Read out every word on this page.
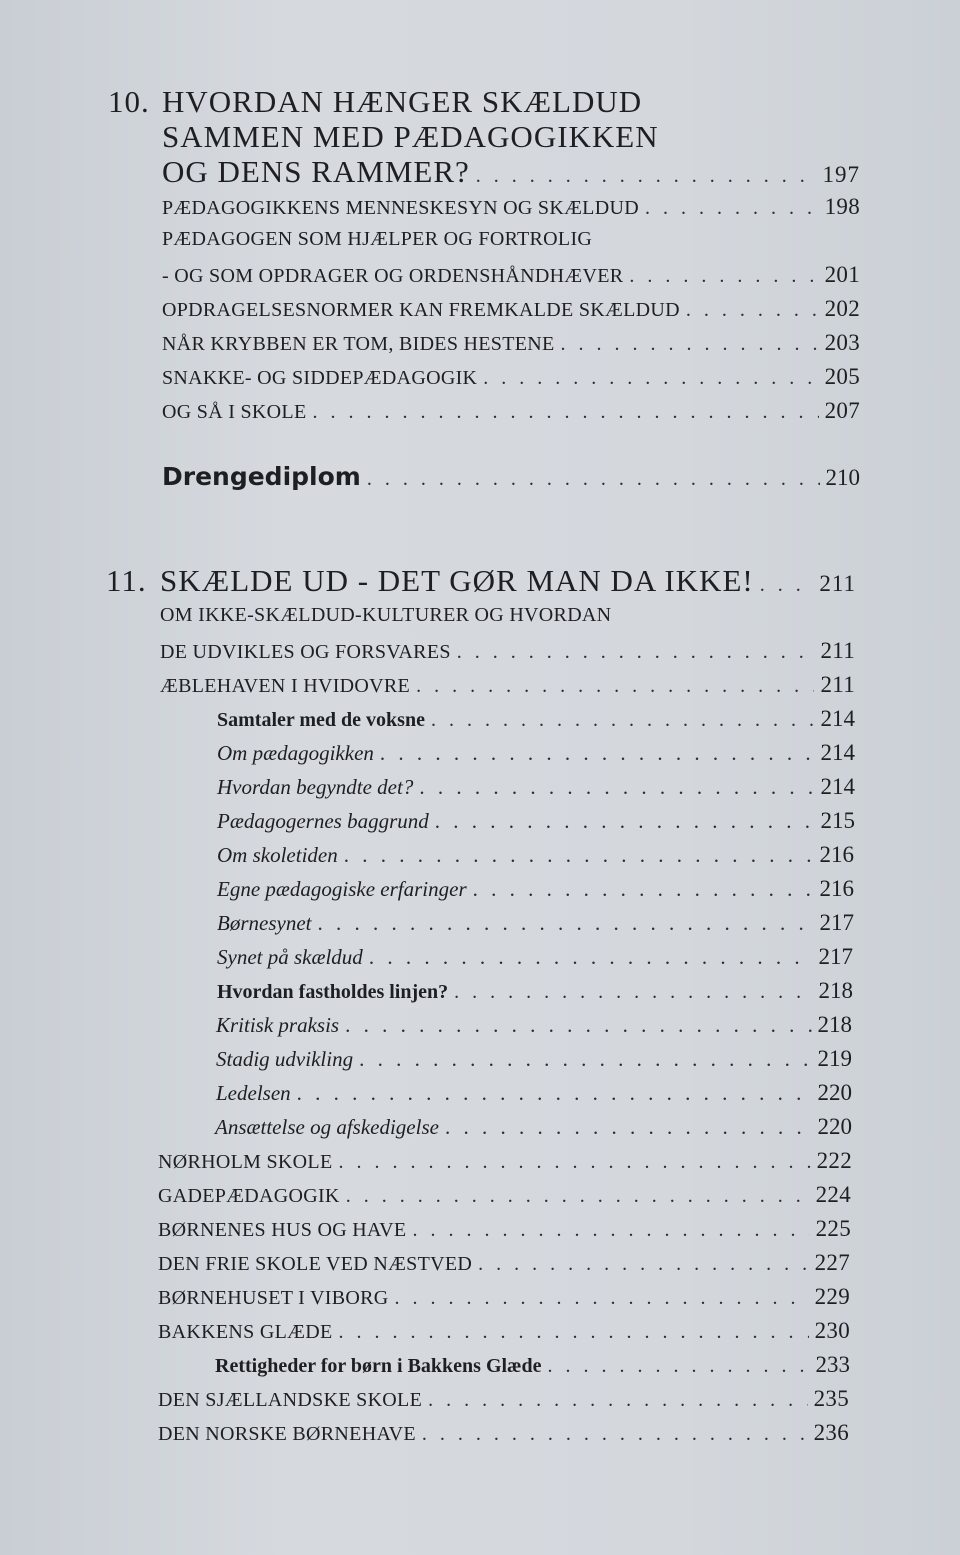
10. HVORDAN HÆNGER SKÆLDUD
SAMMEN MED PÆDAGOGIKKEN
OG DENS RAMMER? . . .	197
PÆDAGOGIKKENS MENNESKESYN OG SKÆLDUD . . .	198
PÆDAGOGEN SOM HJÆLPER OG FORTROLIG
- OG SOM OPDRAGER OG ORDENSHÅNDHÆVER . . .	201
OPDRAGELSESNORMER KAN FREMKALDE SKÆLDUD . . .	202
NÅR KRYBBEN ER TOM, BIDES HESTENE . . .	203
SNAKKE- OG SIDDEPÆDAGOGIK . . .	205
OG SÅ I SKOLE . . .	207
Drengediplom . . .	210
11. SKÆLDE UD - DET GØR MAN DA IKKE! . . .	211
OM IKKE-SKÆLDUD-KULTURER OG HVORDAN
DE UDVIKLES OG FORSVARES . . .	211
ÆBLEHAVEN I HVIDOVRE . . .	211
Samtaler med de voksne . . .	214
Om pædagogikken . . .	214
Hvordan begyndte det? . . .	214
Pædagogernes baggrund . . .	215
Om skoletiden . . .	216
Egne pædagogiske erfaringer . . .	216
Børnesynet . . .	217
Synet på skældud . . .	217
Hvordan fastholdes linjen? . . .	218
Kritisk praksis . . .	218
Stadig udvikling . . .	219
Ledelsen . . .	220
Ansættelse og afskedigelse . . .	220
NØRHOLM SKOLE . . .	222
GADEPÆDAGOGIK . . .	224
BØRNENES HUS OG HAVE . . .	225
DEN FRIE SKOLE VED NÆSTVED . . .	227
BØRNEHUSET I VIBORG . . .	229
BAKKENS GLÆDE . . .	230
Rettigheder for børn i Bakkens Glæde . . .	233
DEN SJÆLLANDSKE SKOLE . . .	235
DEN NORSKE BØRNEHAVE . . .	236
